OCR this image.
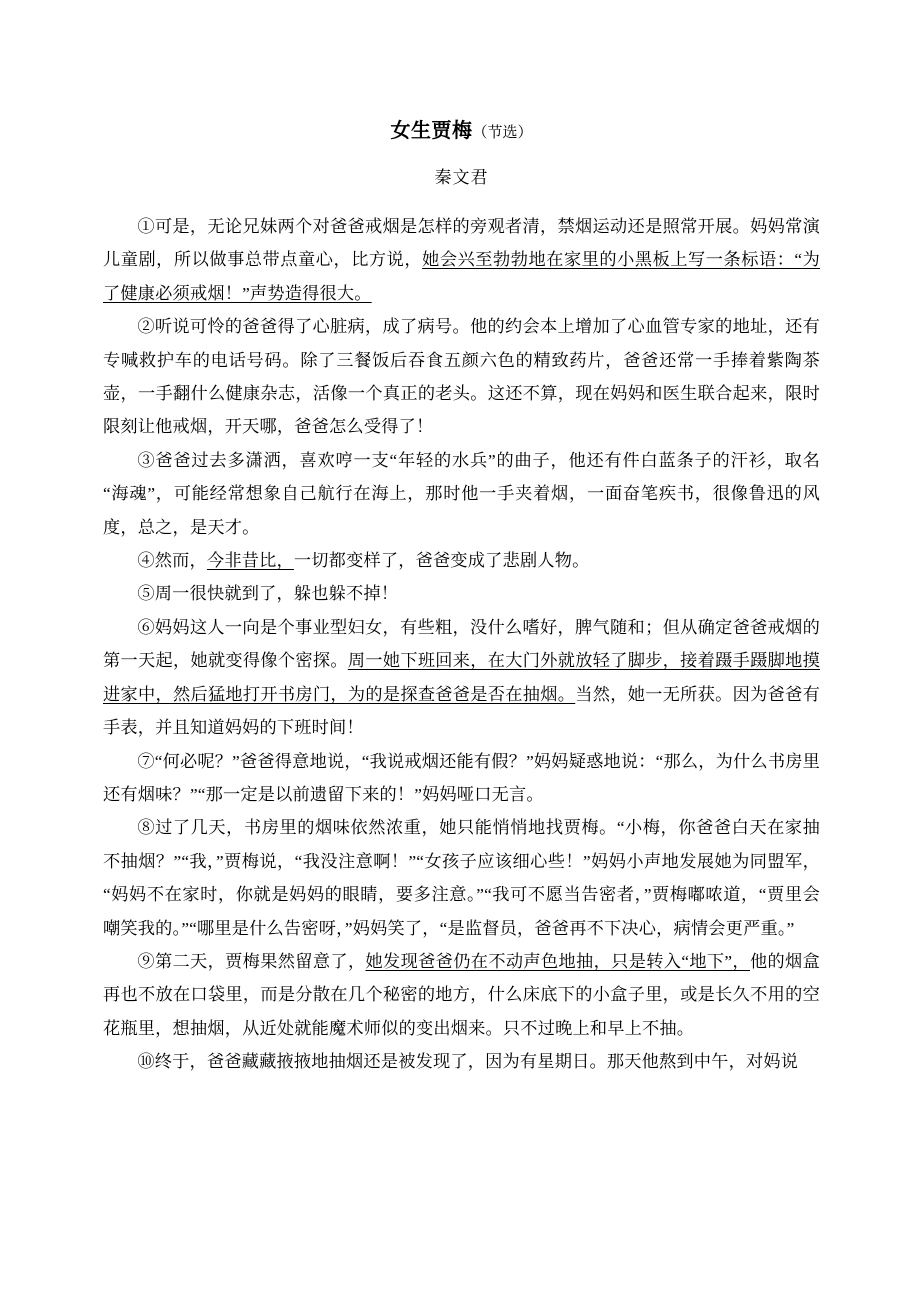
女生贾梅（节选）
秦文君

①可是，无论兄妹两个对爸爸戒烟是怎样的旁观者清，禁烟运动还是照常开展。妈妈常演儿童剧，所以做事总带点童心，比方说，她会兴至勃勃地在家里的小黑板上写一条标语：“为了健康必须戒烟！”声势造得很大。

②听说可怜的爸爸得了心脏病，成了病号。他的约会本上增加了心血管专家的地址，还有专喊救护车的电话号码。除了三餐饭后吞食五颜六色的精致药片，爸爸还常一手捧着紫陶茶壶，一手翻什么健康杂志，活像一个真正的老头。这还不算，现在妈妈和医生联合起来，限时限刻让他戒烟，开天哪，爸爸怎么受得了！

③爸爸过去多潇洒，喜欢哼一支“年轻的水兵”的曲子，他还有件白蓝条子的汗衫，取名“海魂”，可能经常想象自己航行在海上，那时他一手夹着烟，一面奋笔疾书，很像鲁迅的风度，总之，是天才。

④然而，今非昔比，一切都变样了，爸爸变成了悲剧人物。

⑤周一很快就到了，躲也躲不掉！

⑥妈妈这人一向是个事业型妇女，有些粗，没什么嗜好，脾气随和；但从确定爸爸戒烟的第一天起，她就变得像个密探。周一她下班回来，在大门外就放轻了脚步，接着蹑手蹑脚地摸进家中，然后猛地打开书房门，为的是探查爸爸是否在抽烟。当然，她一无所获。因为爸爸有手表，并且知道妈妈的下班时间！

⑦“何必呢？”爸爸得意地说，“我说戒烟还能有假？”妈妈疑惑地说：“那么，为什么书房里还有烟味？”“那一定是以前遗留下来的！”妈妈哑口无言。

⑧过了几天，书房里的烟味依然浓重，她只能悄悄地找贾梅。“小梅，你爸爸白天在家抽不抽烟？”“我，”贾梅说，“我没注意啊！”“女孩子应该细心些！”妈妈小声地发展她为同盟军，“妈妈不在家时，你就是妈妈的眼睛，要多注意。”“我可不愿当告密者，”贾梅嘟哝道，“贾里会嘲笑我的。”“哪里是什么告密呀，”妈妈笑了，“是监督员，爸爸再不下决心，病情会更严重。”

⑨第二天，贾梅果然留意了，她发现爸爸仍在不动声色地抽，只是转入“地下”，他的烟盒再也不放在口袋里，而是分散在几个秘密的地方，什么床底下的小盒子里，或是长久不用的空花瓶里，想抽烟，从近处就能魔术师似的变出烟来。只不过晚上和早上不抽。

⑩终于，爸爸藏藏掖掖地抽烟还是被发现了，因为有星期日。那天他熬到中午，对妈说
